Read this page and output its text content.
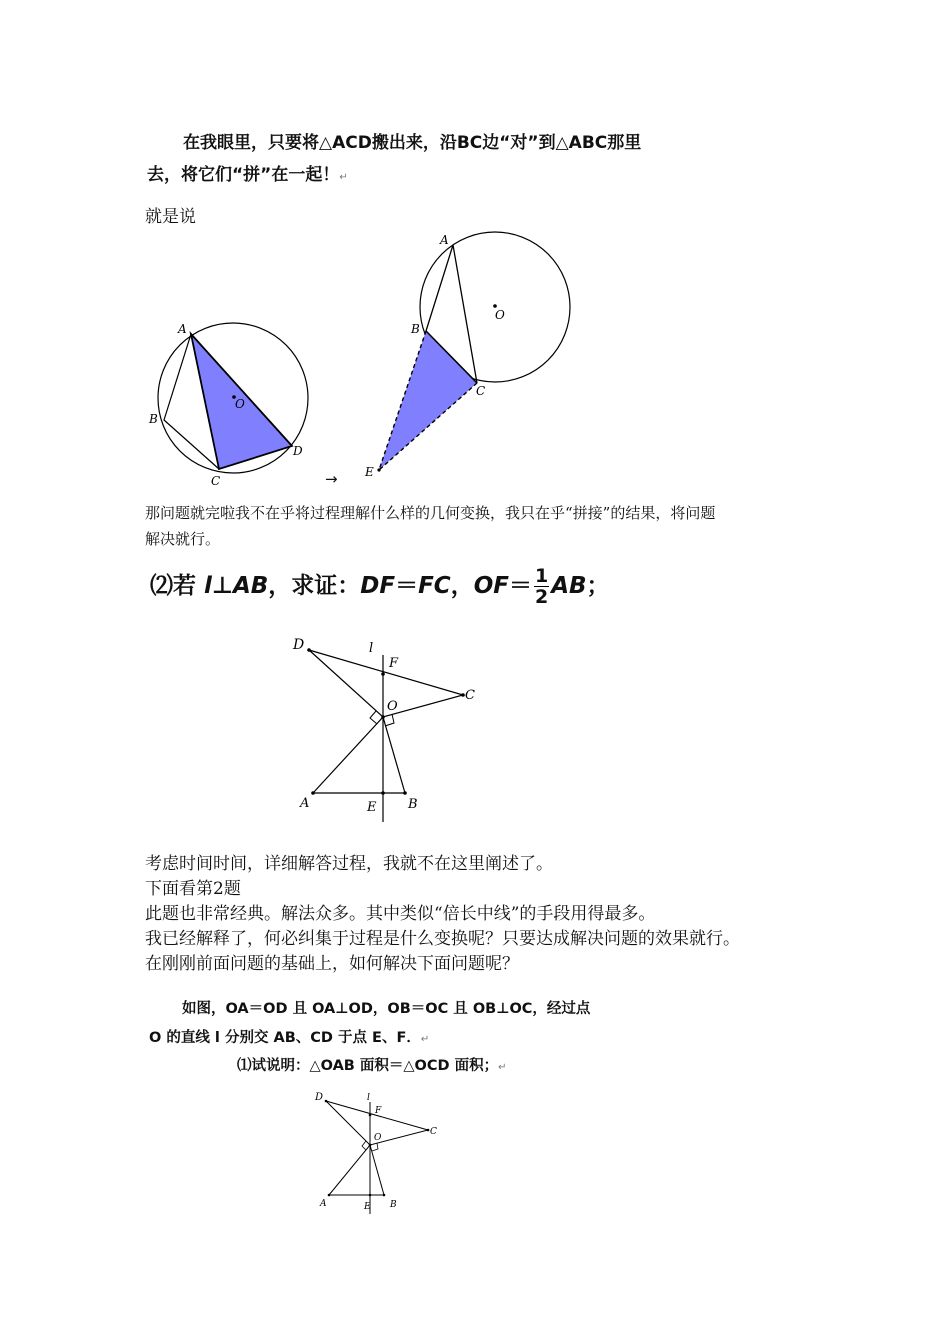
在我眼里，只要将△ACD搬出来，沿BC边“对”到△ABC那里
去，将它们“拼”在一起！↵
就是说
A
B
C
D
O
→
A
B
C
E
O
那问题就完啦我不在乎将过程理解什么样的几何变换，我只在乎“拼接”的结果，将问题
解决就行。
⑵若 l⊥AB，求证：DF＝FC，$OF= \frac{1}{2}$ AB；
D	l
F
C
O
A	E B
考虑时间时间，详细解答过程，我就不在这里阐述了。
下面看第2题
此题也非常经典。解法众多。其中类似“倍长中线”的手段用得最多。
我已经解释了，何必纠集于过程是什么变换呢？只要达成解决问题的效果就行。
在刚刚前面问题的基础上，如何解决下面问题呢？
如图，OA＝OD 且 OA⊥OD，OB＝OC 且 OB⊥OC，经过点
O 的直线 l 分别交 AB、CD 于点 E、F．↵
⑴试说明：△OAB 面积＝△OCD 面积；↵
D	l
F
C
O
A	E B
